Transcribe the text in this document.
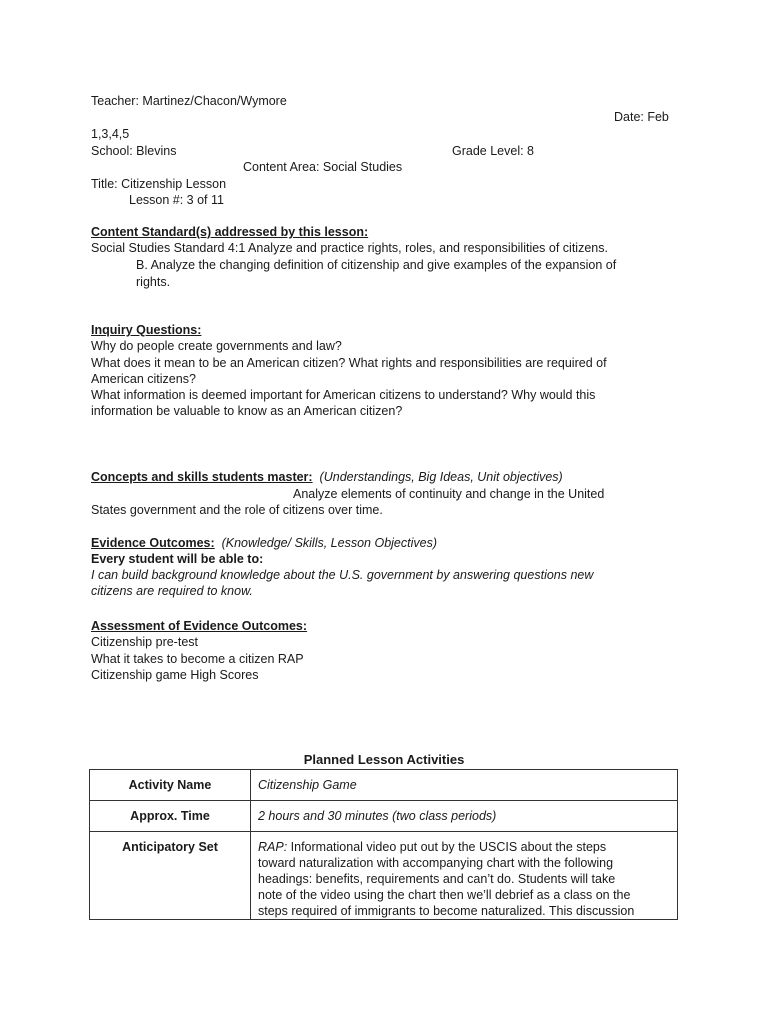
Teacher: Martinez/Chacon/Wymore
Date: Feb
1,3,4,5
School: Blevins	Grade Level: 8
Content Area: Social Studies
Title: Citizenship Lesson
Lesson #: 3 of 11
Content Standard(s) addressed by this lesson:
Social Studies Standard 4:1 Analyze and practice rights, roles, and responsibilities of citizens.
B. Analyze the changing definition of citizenship and give examples of the expansion of
rights.
Inquiry Questions:
Why do people create governments and law?
What does it mean to be an American citizen? What rights and responsibilities are required of
American citizens?
What information is deemed important for American citizens to understand? Why would this
information be valuable to know as an American citizen?
Concepts and skills students master: (Understandings, Big Ideas, Unit objectives)
Analyze elements of continuity and change in the United
States government and the role of citizens over time.
Evidence Outcomes: (Knowledge/ Skills, Lesson Objectives)
Every student will be able to:
I can build background knowledge about the U.S. government by answering questions new
citizens are required to know.
Assessment of Evidence Outcomes:
Citizenship pre-test
What it takes to become a citizen RAP
Citizenship game High Scores
Planned Lesson Activities
Activity Name	Citizenship Game
Approx. Time	2 hours and 30 minutes (two class periods)
Anticipatory Set	RAP: Informational video put out by the USCIS about the steps
toward naturalization with accompanying chart with the following
headings: benefits, requirements and can’t do. Students will take
note of the video using the chart then we’ll debrief as a class on the
steps required of immigrants to become naturalized. This discussion
